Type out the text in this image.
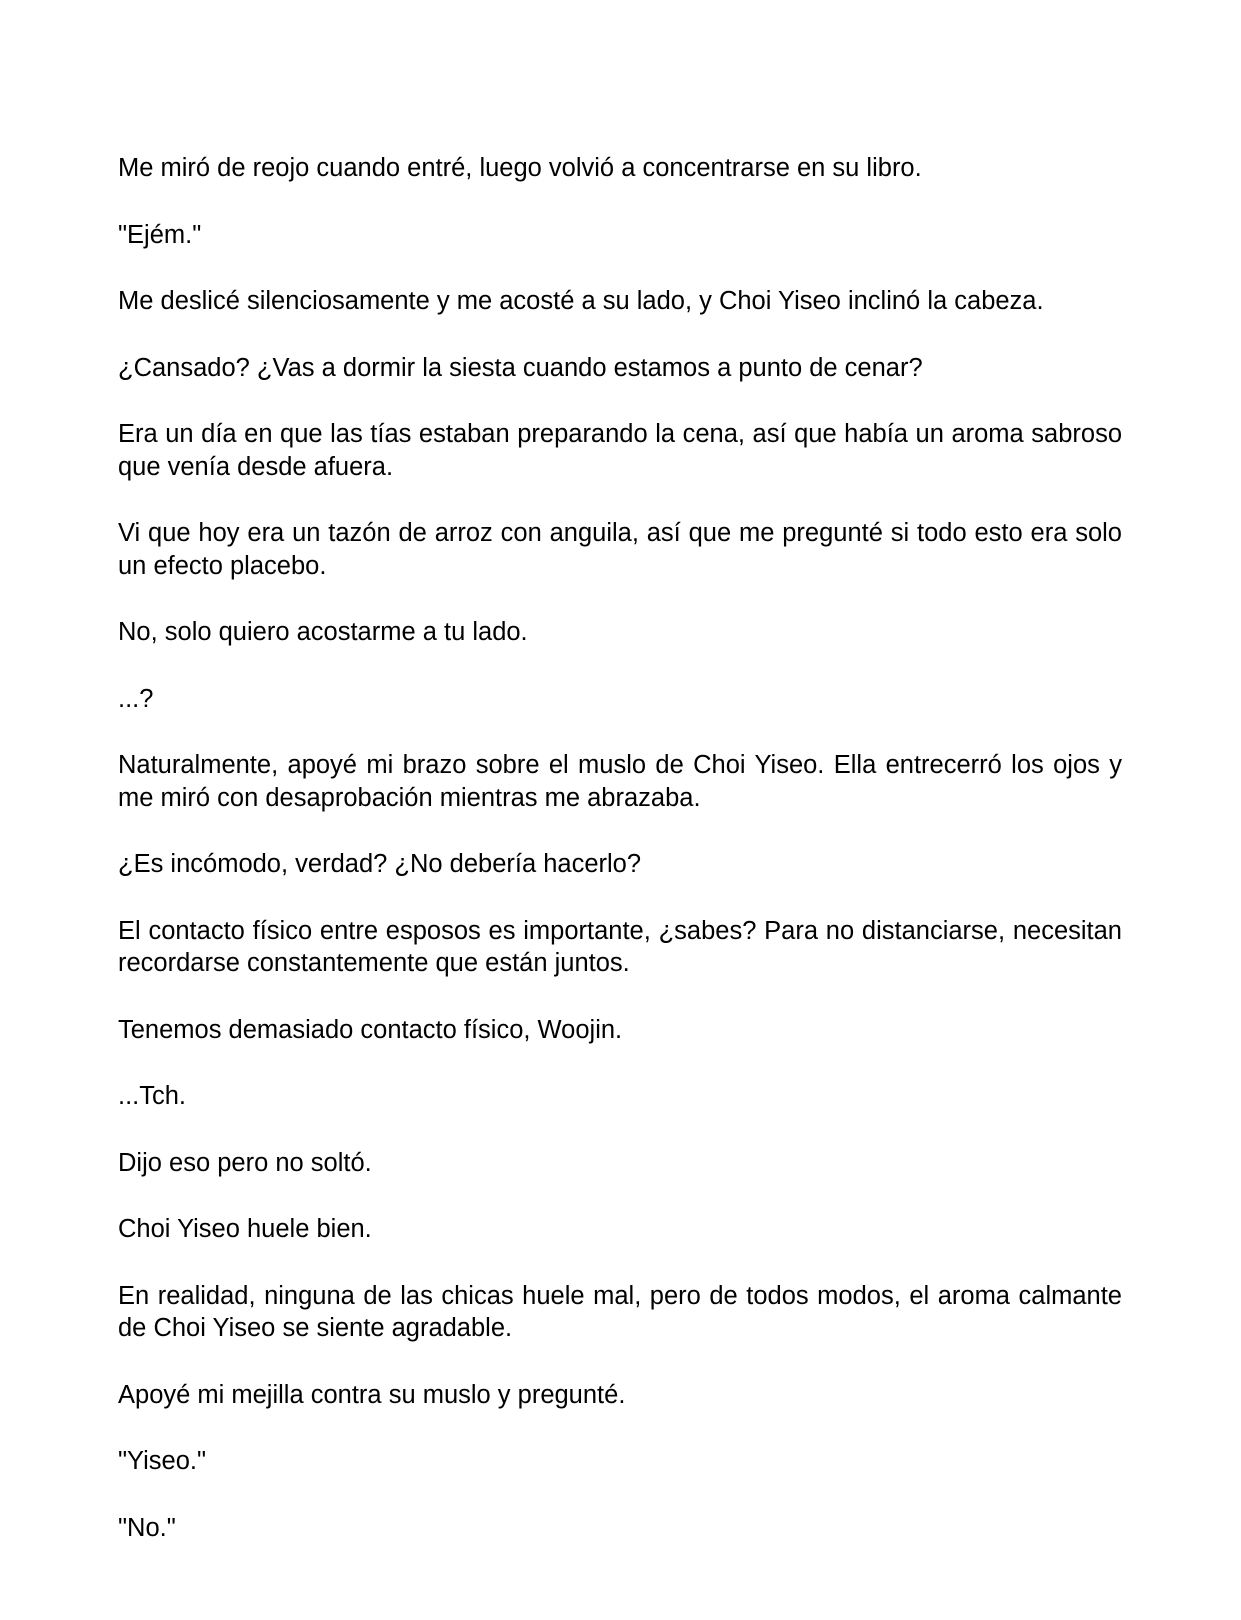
Me miró de reojo cuando entré, luego volvió a concentrarse en su libro.

"Ejém."

Me deslicé silenciosamente y me acosté a su lado, y Choi Yiseo inclinó la cabeza.

¿Cansado? ¿Vas a dormir la siesta cuando estamos a punto de cenar?

Era un día en que las tías estaban preparando la cena, así que había un aroma sabroso que venía desde afuera.

Vi que hoy era un tazón de arroz con anguila, así que me pregunté si todo esto era solo un efecto placebo.

No, solo quiero acostarme a tu lado.

...?

Naturalmente, apoyé mi brazo sobre el muslo de Choi Yiseo. Ella entrecerró los ojos y me miró con desaprobación mientras me abrazaba.

¿Es incómodo, verdad? ¿No debería hacerlo?

El contacto físico entre esposos es importante, ¿sabes? Para no distanciarse, necesitan recordarse constantemente que están juntos.

Tenemos demasiado contacto físico, Woojin.

...Tch.

Dijo eso pero no soltó.

Choi Yiseo huele bien.

En realidad, ninguna de las chicas huele mal, pero de todos modos, el aroma calmante de Choi Yiseo se siente agradable.

Apoyé mi mejilla contra su muslo y pregunté.

"Yiseo."

"No."
